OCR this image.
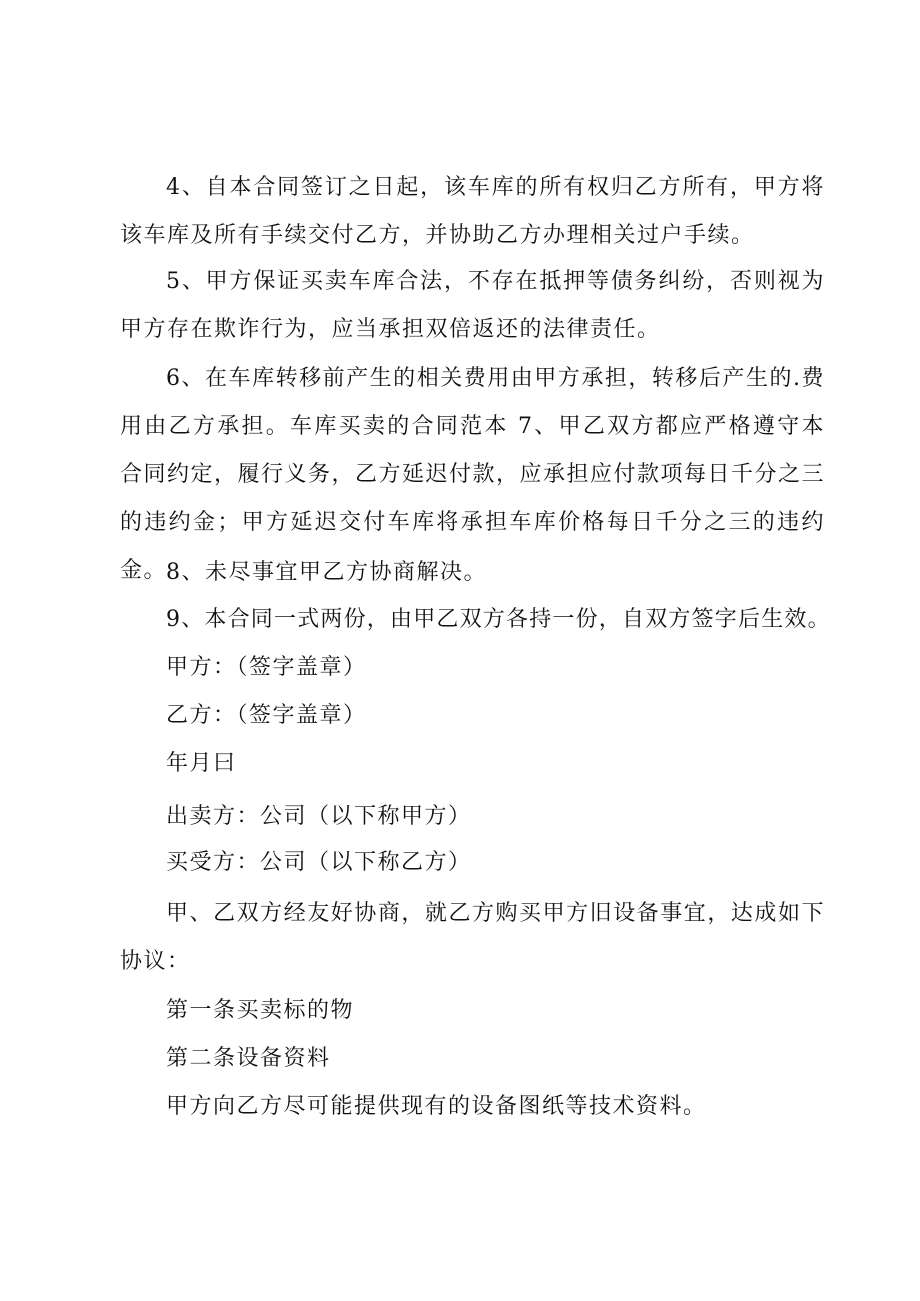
4、自本合同签订之日起，该车库的所有权归乙方所有，甲方将该车库及所有手续交付乙方，并协助乙方办理相关过户手续。
5、甲方保证买卖车库合法，不存在抵押等债务纠纷，否则视为甲方存在欺诈行为，应当承担双倍返还的法律责任。
6、在车库转移前产生的相关费用由甲方承担，转移后产生的.费用由乙方承担。车库买卖的合同范本 7、甲乙双方都应严格遵守本合同约定，履行义务，乙方延迟付款，应承担应付款项每日千分之三的违约金；甲方延迟交付车库将承担车库价格每日千分之三的违约金。
8、未尽事宜甲乙方协商解决。
9、本合同一式两份，由甲乙双方各持一份，自双方签字后生效。
甲方：（签字盖章）
乙方：（签字盖章）
年月曰
出卖方：公司（以下称甲方）
买受方：公司（以下称乙方）
甲、乙双方经友好协商，就乙方购买甲方旧设备事宜，达成如下协议：
第一条买卖标的物
第二条设备资料
甲方向乙方尽可能提供现有的设备图纸等技术资料。
